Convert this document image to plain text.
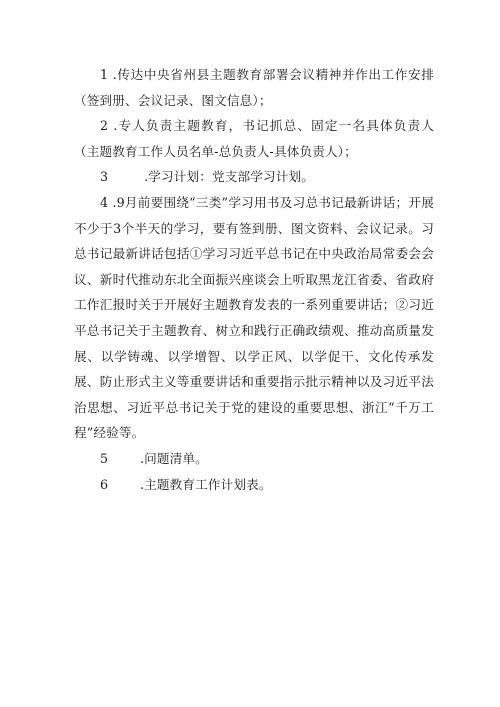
1 .传达中央省州县主题教育部署会议精神并作出工作安排（签到册、会议记录、图文信息）；

2 .专人负责主题教育，书记抓总、固定一名具体负责人（主题教育工作人员名单-总负责人-具体负责人）；

3	.学习计划：党支部学习计划。

4 .9月前要围绕“三类”学习用书及习总书记最新讲话；开展不少于3个半天的学习，要有签到册、图文资料、会议记录。习总书记最新讲话包括①学习习近平总书记在中央政治局常委会会议、新时代推动东北全面振兴座谈会上听取黑龙江省委、省政府工作汇报时关于开展好主题教育发表的一系列重要讲话；②习近平总书记关于主题教育、树立和践行正确政绩观、推动高质量发展、以学铸魂、以学增智、以学正风、以学促干、文化传承发展、防止形式主义等重要讲话和重要指示批示精神以及习近平法治思想、习近平总书记关于党的建设的重要思想、浙江“千万工程”经验等。

5	.问题清单。

6	.主题教育工作计划表。
